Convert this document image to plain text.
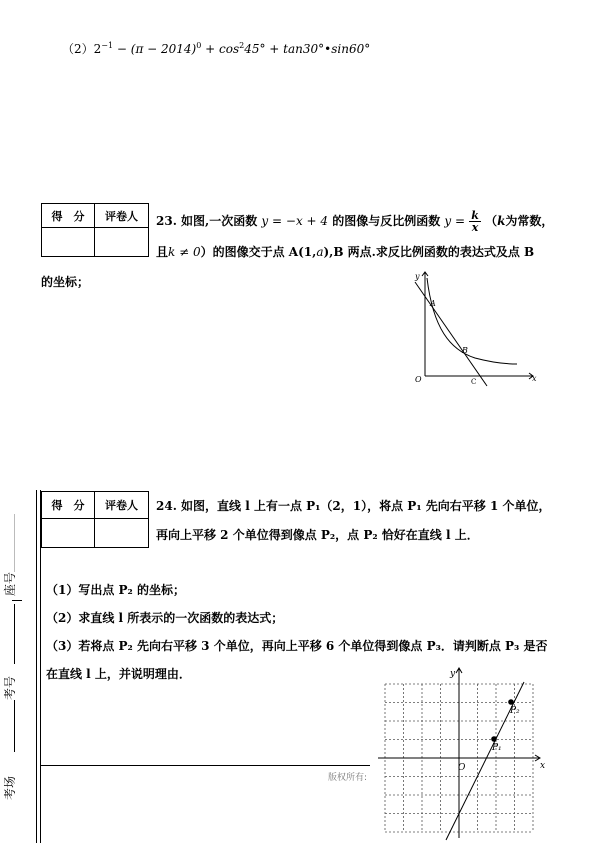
$(2)2^{-1} - (\pi - 2014)^0 + \cos^245^\circ$ + tan30°•sin60°
得　分	评卷人
	23. 如图,一次函数 y = −x + 4 的图像与反比例函数 $y = \frac{k}{x} (k$为常数，
且k ≠ 0）的图像交于点 A(1,a),B 两点.求反比例函数的表达式及点 B
的坐标；	y
x
O
A
B
C
座号
考号
考场
得　分	评卷人
	24. 如图，直线 l 上有一点 P₁（2，1），将点 P₁ 先向右平移 1 个单位，
再向上平移 2 个单位得到像点 P₂，点 P₂ 恰好在直线 l 上．
（1）写出点 P₂ 的坐标；
（2）求直线 l 所表示的一次函数的表达式；
（3）若将点 P₂ 先向右平移 3 个单位，再向上平移 6 个单位得到像点 P₃．请判断点 P₃ 是否
在直线 l 上，并说明理由．
版权所有:
y
x
O
P₁
P₂
